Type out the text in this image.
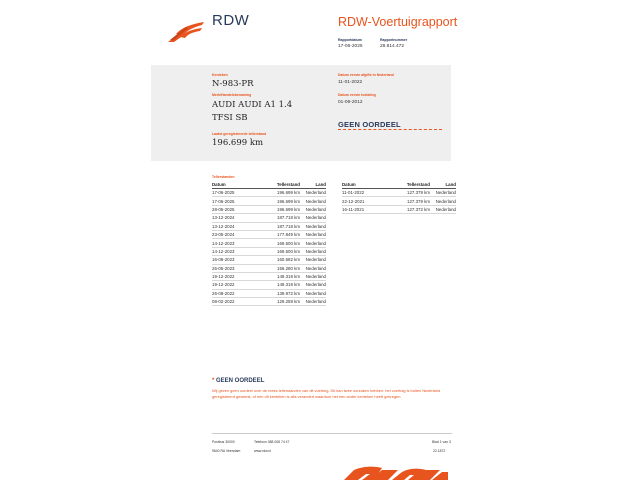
RDW	RDW-Voertuigrapport
Rapportdatum
17-06-2025
Rapportnummer
28.814.472
Kenteken
N-983-PR
Merk/Handelsbenaming
AUDI AUDI A1 1.4
TFSI SB
Laatst geregistreerde tellerstand
196.699 km
Datum eerste afgifte in Nederland
11-01-2022
Datum eerste toelating
01-06-2012
GEEN OORDEEL
Tellerstanden
Datum	Tellerstand	Land
17-06-2025	196.699 km	Nederland
17-06-2025	196.699 km	Nederland
28-05-2025	196.699 km	Nederland
13-12-2024	187.718 km	Nederland
13-12-2024	187.718 km	Nederland
23-05-2024	177.849 km	Nederland
14-12-2023	169.600 km	Nederland
14-12-2023	169.600 km	Nederland
16-08-2023	160.682 km	Nederland
26-05-2023	156.280 km	Nederland
19-12-2022	149.319 km	Nederland
19-12-2022	149.319 km	Nederland
26-08-2022	139.972 km	Nederland
08-02-2022	129.259 km	Nederland
Datum	Tellerstand	Land
11-01-2022	127.379 km	Nederland
22-12-2021	127.379 km	Nederland
16-11-2021	127.372 km	Nederland
* GEEN OORDEEL
Wij geven geen oordeel over de reeks tellerstanden van dit voertuig. Dit kan twee oorzaken hebben: het voertuig is buiten Nederland geregistreerd geweest, of een dit kenteken is alts verandert waardoor het een ander kenteken heeft gekregen.
Postbus 30000
9640 RA Veendam
Telefoon 088 008 74 47
www.rdw.nl
Blad 1 van 3
22.1872
